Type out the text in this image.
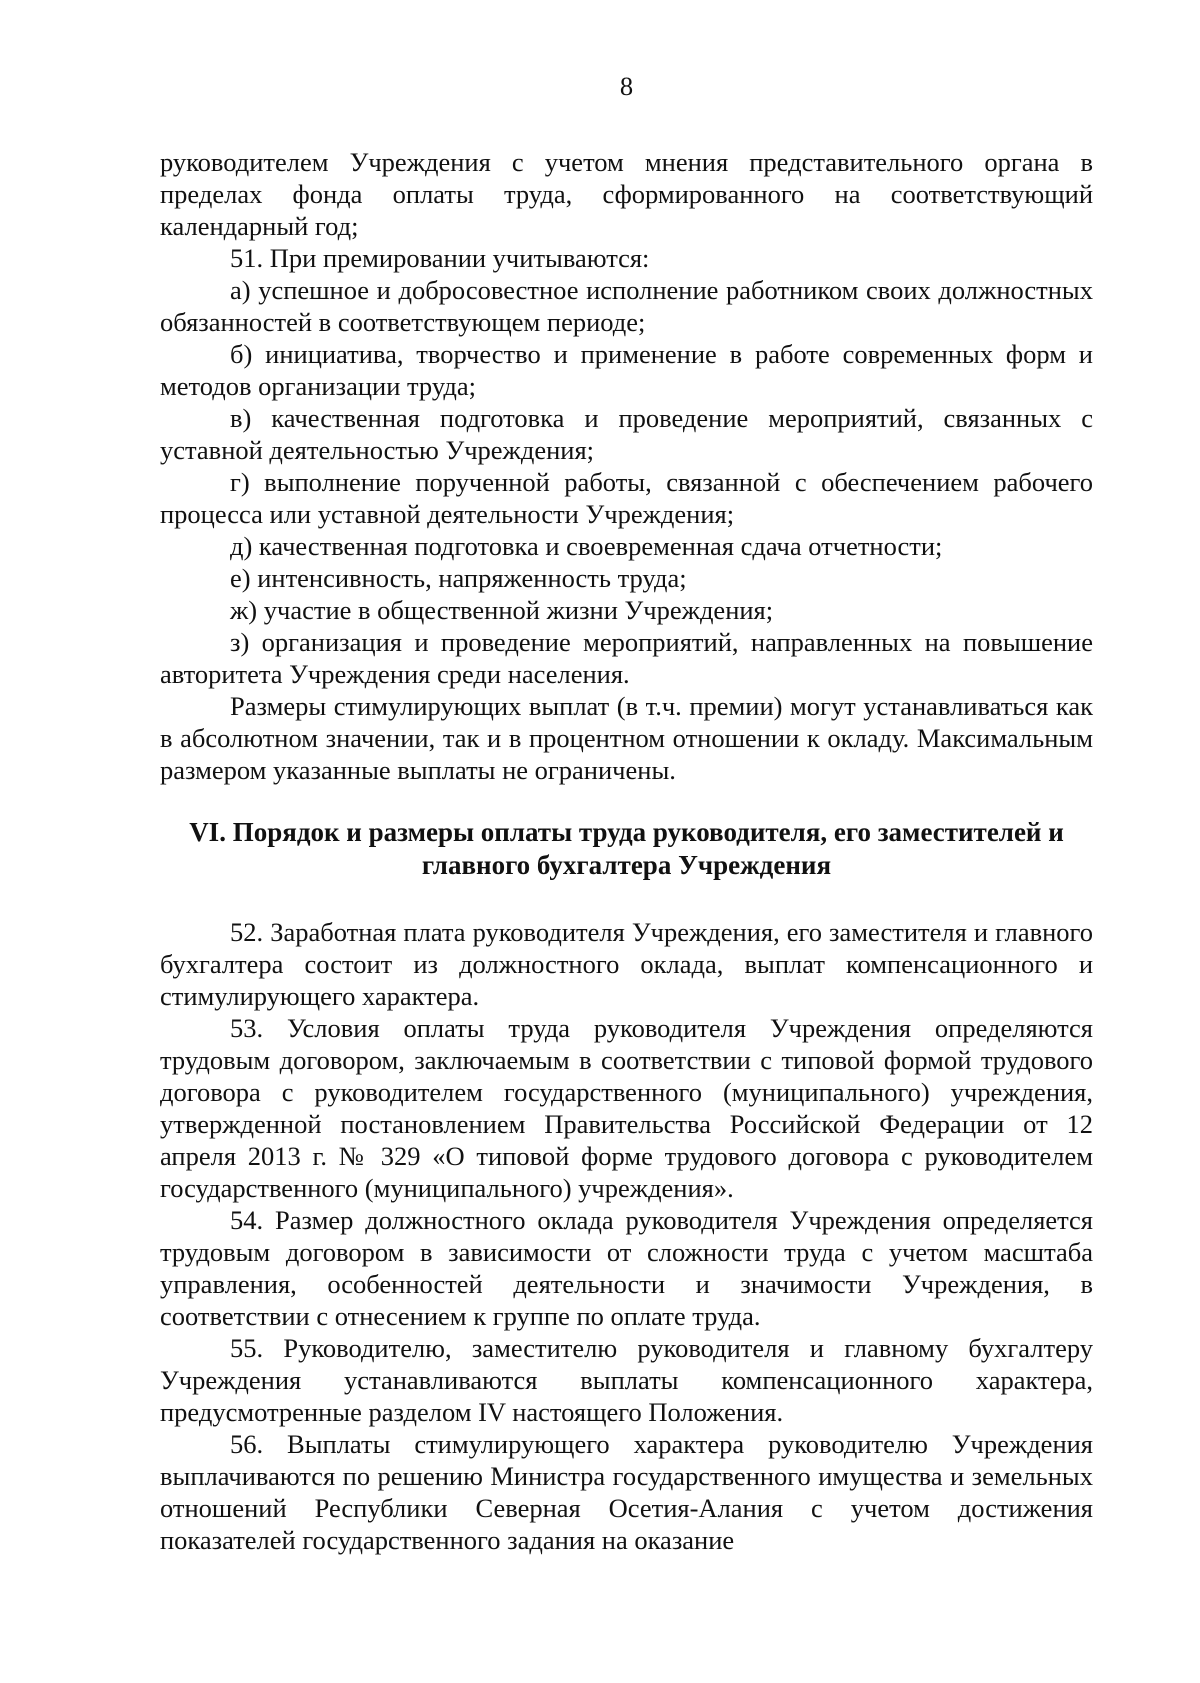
8

руководителем Учреждения с учетом мнения представительного органа в пределах фонда оплаты труда, сформированного на соответствующий календарный год;

51. При премировании учитываются:

а) успешное и добросовестное исполнение работником своих должностных обязанностей в соответствующем периоде;

б) инициатива, творчество и применение в работе современных форм и методов организации труда;

в) качественная подготовка и проведение мероприятий, связанных с уставной деятельностью Учреждения;

г) выполнение порученной работы, связанной с обеспечением рабочего процесса или уставной деятельности Учреждения;

д) качественная подготовка и своевременная сдача отчетности;

е) интенсивность, напряженность труда;

ж) участие в общественной жизни Учреждения;

з) организация и проведение мероприятий, направленных на повышение авторитета Учреждения среди населения.

Размеры стимулирующих выплат (в т.ч. премии) могут устанавливаться как в абсолютном значении, так и в процентном отношении к окладу. Максимальным размером указанные выплаты не ограничены.

VI. Порядок и размеры оплаты труда руководителя, его заместителей и
главного бухгалтера Учреждения

52. Заработная плата руководителя Учреждения, его заместителя и главного бухгалтера состоит из должностного оклада, выплат компенсационного и стимулирующего характера.

53. Условия оплаты труда руководителя Учреждения определяются трудовым договором, заключаемым в соответствии с типовой формой трудового договора с руководителем государственного (муниципального) учреждения, утвержденной постановлением Правительства Российской Федерации от 12 апреля 2013 г. № 329 «О типовой форме трудового договора с руководителем государственного (муниципального) учреждения».

54. Размер должностного оклада руководителя Учреждения определяется трудовым договором в зависимости от сложности труда с учетом масштаба управления, особенностей деятельности и значимости Учреждения, в соответствии с отнесением к группе по оплате труда.

55. Руководителю, заместителю руководителя и главному бухгалтеру Учреждения устанавливаются выплаты компенсационного характера, предусмотренные разделом IV настоящего Положения.

56. Выплаты стимулирующего характера руководителю Учреждения выплачиваются по решению Министра государственного имущества и земельных отношений Республики Северная Осетия-Алания с учетом достижения показателей государственного задания на оказание
